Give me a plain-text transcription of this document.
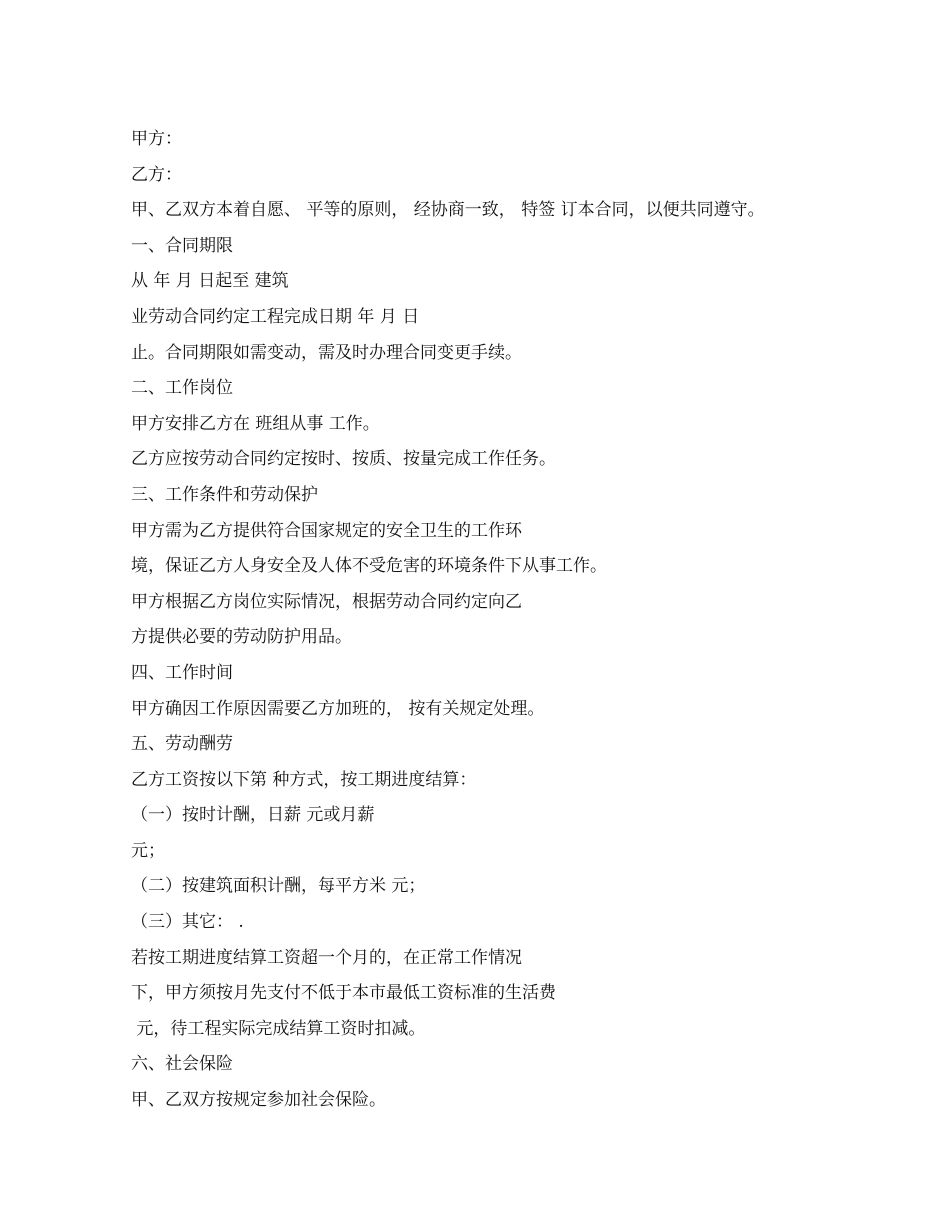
甲方：
乙方：
甲、乙双方本着自愿、 平等的原则， 经协商一致， 特签 订本合同，以便共同遵守。
一、合同期限
从 年 月 日起至 建筑
业劳动合同约定工程完成日期 年 月 日
止。合同期限如需变动，需及时办理合同变更手续。
二、工作岗位
甲方安排乙方在 班组从事 工作。
乙方应按劳动合同约定按时、按质、按量完成工作任务。
三、工作条件和劳动保护
甲方需为乙方提供符合国家规定的安全卫生的工作环
境，保证乙方人身安全及人体不受危害的环境条件下从事工作。
甲方根据乙方岗位实际情况，根据劳动合同约定向乙
方提供必要的劳动防护用品。
四、工作时间
甲方确因工作原因需要乙方加班的， 按有关规定处理。
五、劳动酬劳
乙方工资按以下第 种方式，按工期进度结算：
（一）按时计酬，日薪 元或月薪
元；
（二）按建筑面积计酬，每平方米 元；
（三）其它： .
若按工期进度结算工资超一个月的，在正常工作情况
下，甲方须按月先支付不低于本市最低工资标准的生活费
元，待工程实际完成结算工资时扣减。
六、社会保险
甲、乙双方按规定参加社会保险。
